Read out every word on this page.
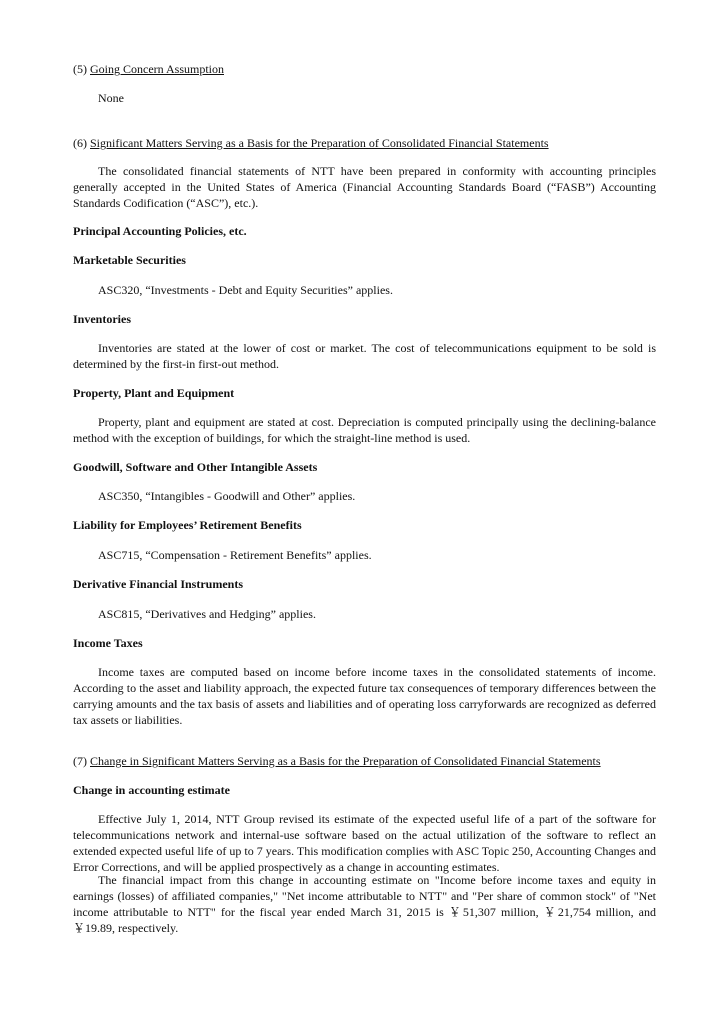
(5) Going Concern Assumption

None

(6) Significant Matters Serving as a Basis for the Preparation of Consolidated Financial Statements

The consolidated financial statements of NTT have been prepared in conformity with accounting principles generally accepted in the United States of America (Financial Accounting Standards Board (“FASB”) Accounting Standards Codification (“ASC”), etc.).

Principal Accounting Policies, etc.

Marketable Securities

ASC320, “Investments - Debt and Equity Securities” applies.

Inventories

Inventories are stated at the lower of cost or market. The cost of telecommunications equipment to be sold is determined by the first-in first-out method.

Property, Plant and Equipment

Property, plant and equipment are stated at cost. Depreciation is computed principally using the declining-balance method with the exception of buildings, for which the straight-line method is used.

Goodwill, Software and Other Intangible Assets

ASC350, “Intangibles - Goodwill and Other” applies.

Liability for Employees’ Retirement Benefits

ASC715, “Compensation - Retirement Benefits” applies.

Derivative Financial Instruments

ASC815, “Derivatives and Hedging” applies.

Income Taxes

Income taxes are computed based on income before income taxes in the consolidated statements of income. According to the asset and liability approach, the expected future tax consequences of temporary differences between the carrying amounts and the tax basis of assets and liabilities and of operating loss carryforwards are recognized as deferred tax assets or liabilities.

(7) Change in Significant Matters Serving as a Basis for the Preparation of Consolidated Financial Statements

Change in accounting estimate

Effective July 1, 2014, NTT Group revised its estimate of the expected useful life of a part of the software for telecommunications network and internal-use software based on the actual utilization of the software to reflect an extended expected useful life of up to 7 years. This modification complies with ASC Topic 250, Accounting Changes and Error Corrections, and will be applied prospectively as a change in accounting estimates.

The financial impact from this change in accounting estimate on "Income before income taxes and equity in earnings (losses) of affiliated companies," "Net income attributable to NTT" and "Per share of common stock" of "Net income attributable to NTT" for the fiscal year ended March 31, 2015 is ￥51,307 million, ￥21,754 million, and ￥19.89, respectively.
